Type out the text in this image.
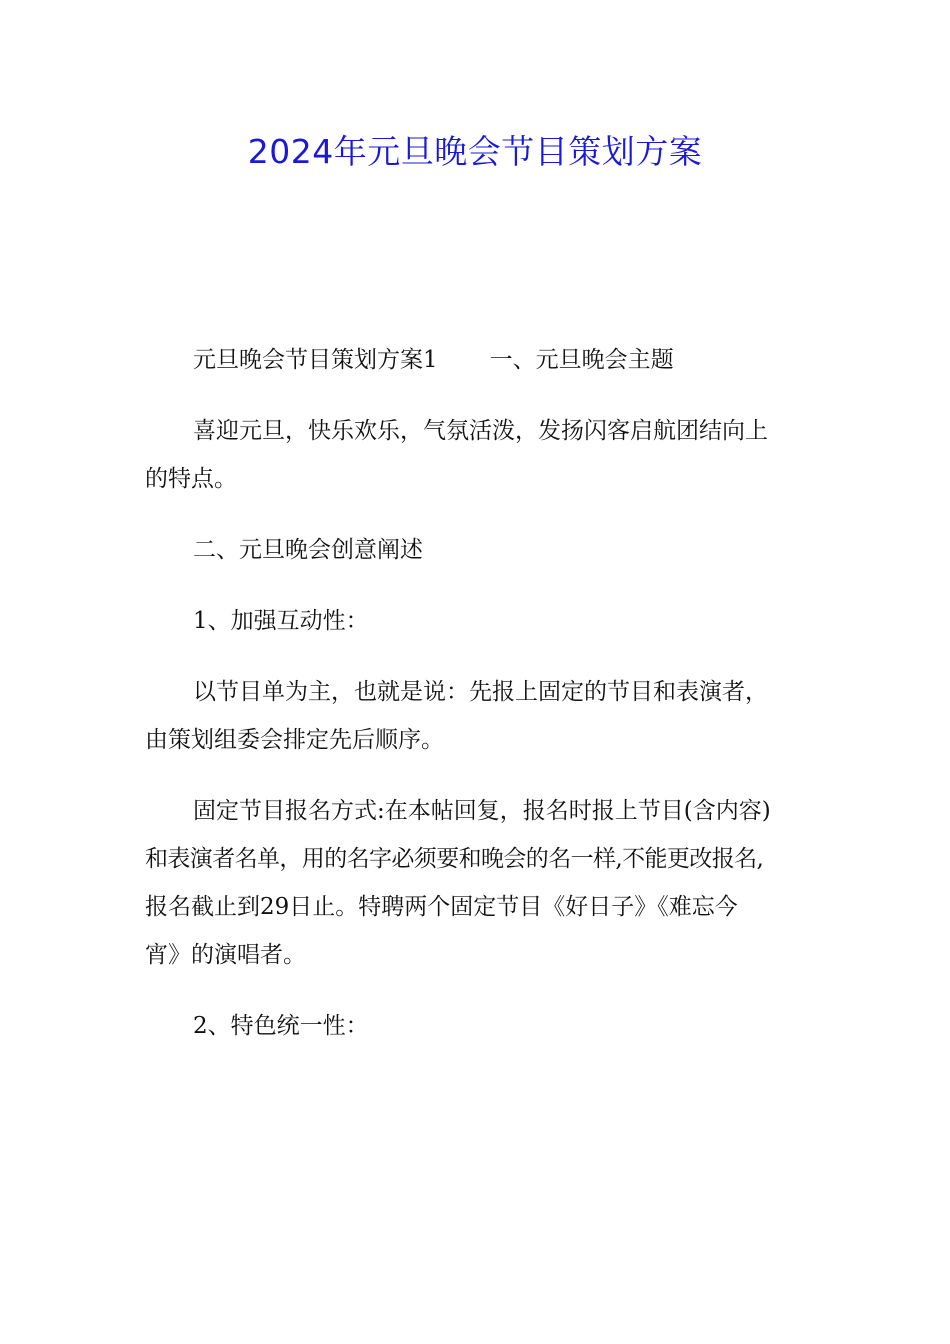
2024年元旦晚会节目策划方案

元旦晚会节目策划方案1 一、元旦晚会主题

喜迎元旦，快乐欢乐，气氛活泼，发扬闪客启航团结向上
的特点。

二、元旦晚会创意阐述

1、加强互动性：

以节目单为主，也就是说：先报上固定的节目和表演者，
由策划组委会排定先后顺序。

固定节目报名方式:在本帖回复，报名时报上节目(含内容)
和表演者名单，用的名字必须要和晚会的名一样,不能更改报名,
报名截止到29日止。特聘两个固定节目《好日子》《难忘今
宵》的演唱者。

2、特色统一性：
